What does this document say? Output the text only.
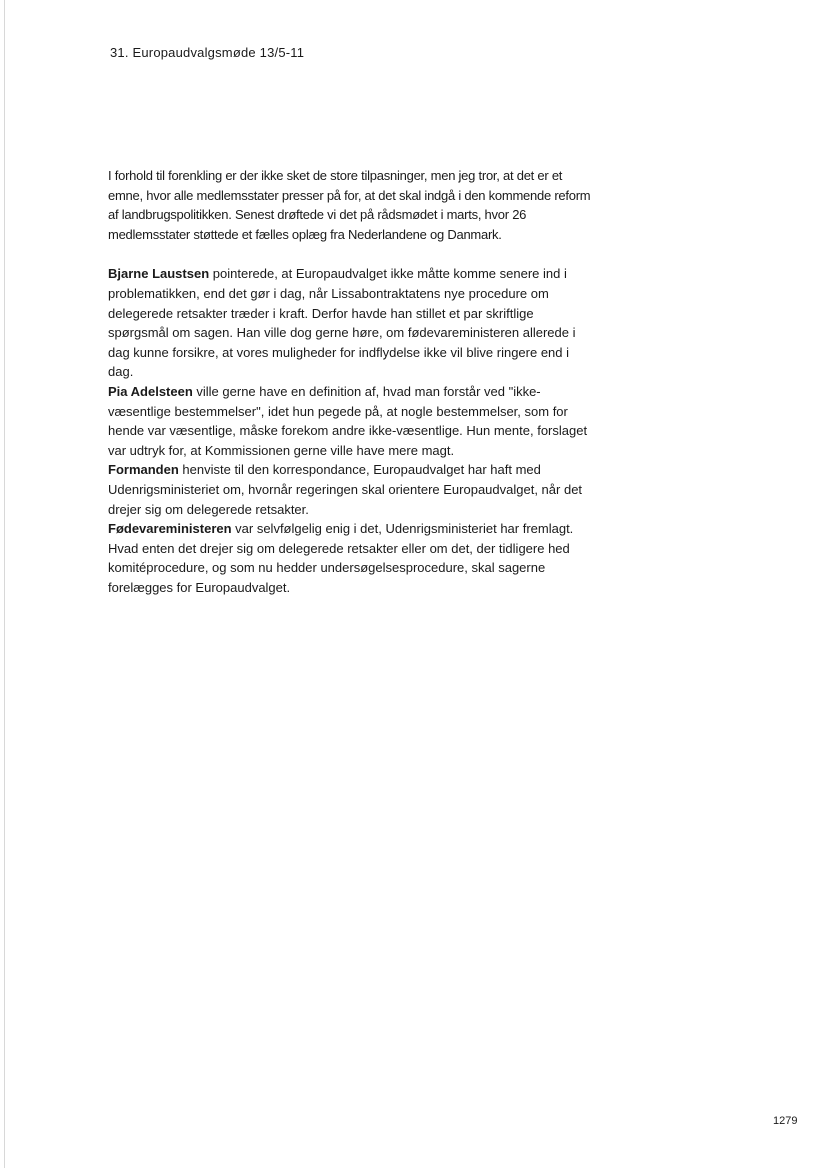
31. Europaudvalgsmøde 13/5-11

I forhold til forenkling er der ikke sket de store tilpasninger, men jeg tror, at det er et emne, hvor alle medlemsstater presser på for, at det skal indgå i den kommende reform af landbrugspolitikken. Senest drøftede vi det på rådsmødet i marts, hvor 26 medlemsstater støttede et fælles oplæg fra Nederlandene og Danmark.

Bjarne Laustsen pointerede, at Europaudvalget ikke måtte komme senere ind i problematikken, end det gør i dag, når Lissabontraktatens nye procedure om delegerede retsakter træder i kraft. Derfor havde han stillet et par skriftlige spørgsmål om sagen. Han ville dog gerne høre, om fødevareministeren allerede i dag kunne forsikre, at vores muligheder for indflydelse ikke vil blive ringere end i dag.

Pia Adelsteen ville gerne have en definition af, hvad man forstår ved "ikke-væsentlige bestemmelser", idet hun pegede på, at nogle bestemmelser, som for hende var væsentlige, måske forekom andre ikke-væsentlige. Hun mente, forslaget var udtryk for, at Kommissionen gerne ville have mere magt.

Formanden henviste til den korrespondance, Europaudvalget har haft med Udenrigsministeriet om, hvornår regeringen skal orientere Europaudvalget, når det drejer sig om delegerede retsakter.

Fødevareministeren var selvfølgelig enig i det, Udenrigsministeriet har fremlagt. Hvad enten det drejer sig om delegerede retsakter eller om det, der tidligere hed komitéprocedure, og som nu hedder undersøgelsesprocedure, skal sagerne forelægges for Europaudvalget.

1279
